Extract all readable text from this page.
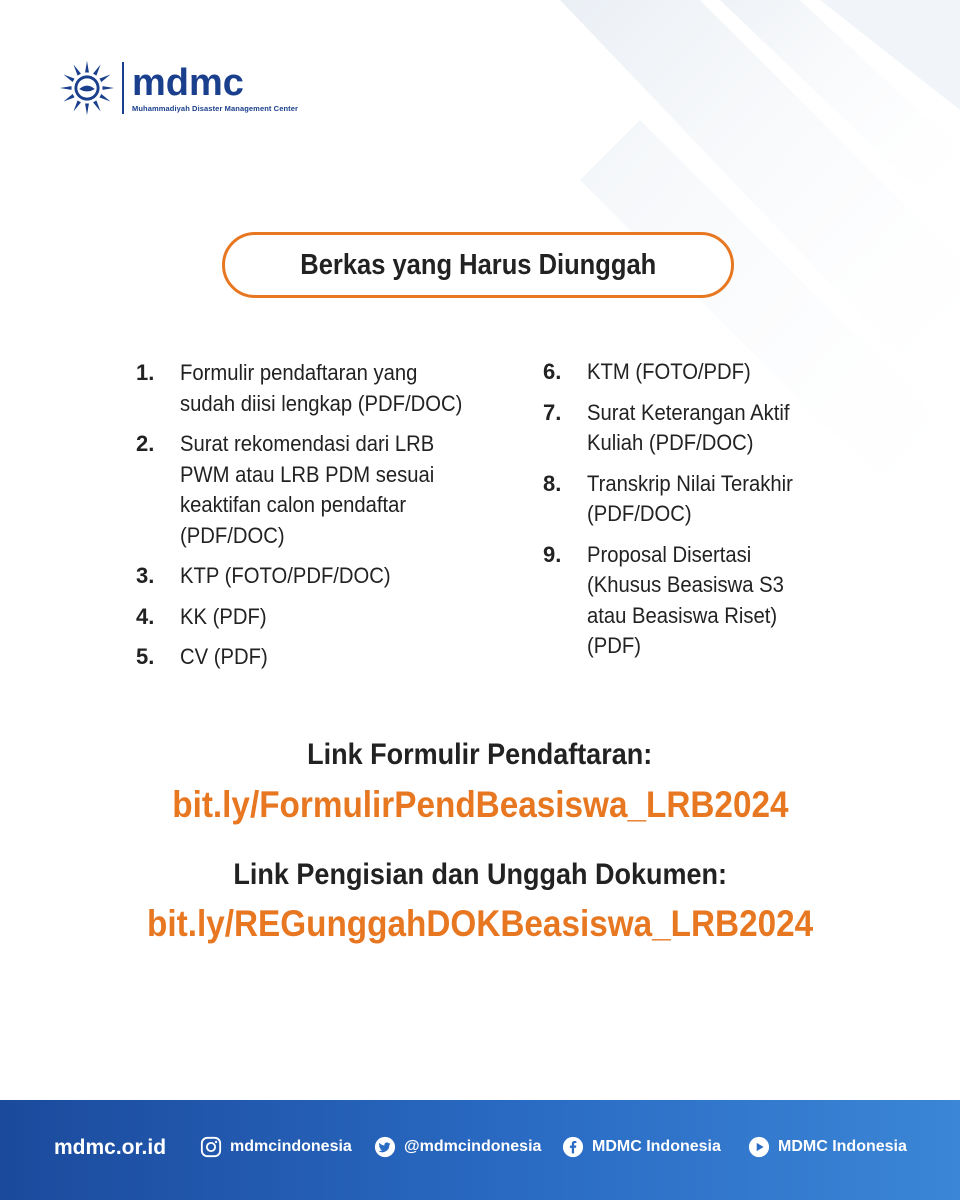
mdmc
Muhammadiyah Disaster Management Center
Berkas yang Harus Diunggah
1.	Formulir pendaftaran yang
sudah diisi lengkap (PDF/DOC)
2.	Surat rekomendasi dari LRB
PWM atau LRB PDM sesuai
keaktifan calon pendaftar
(PDF/DOC)
3.	KTP (FOTO/PDF/DOC)
4.	KK (PDF)
5.	CV (PDF)
6.	KTM (FOTO/PDF)
7.	Surat Keterangan Aktif
Kuliah (PDF/DOC)
8.	Transkrip Nilai Terakhir
(PDF/DOC)
9.	Proposal Disertasi
(Khusus Beasiswa S3
atau Beasiswa Riset)
(PDF)
Link Formulir Pendaftaran:
bit.ly/FormulirPendBeasiswa_LRB2024
Link Pengisian dan Unggah Dokumen:
bit.ly/REGunggahDOKBeasiswa_LRB2024
mdmc.or.id	mdmcindonesia	@mdmcindonesia	MDMC Indonesia	MDMC Indonesia
